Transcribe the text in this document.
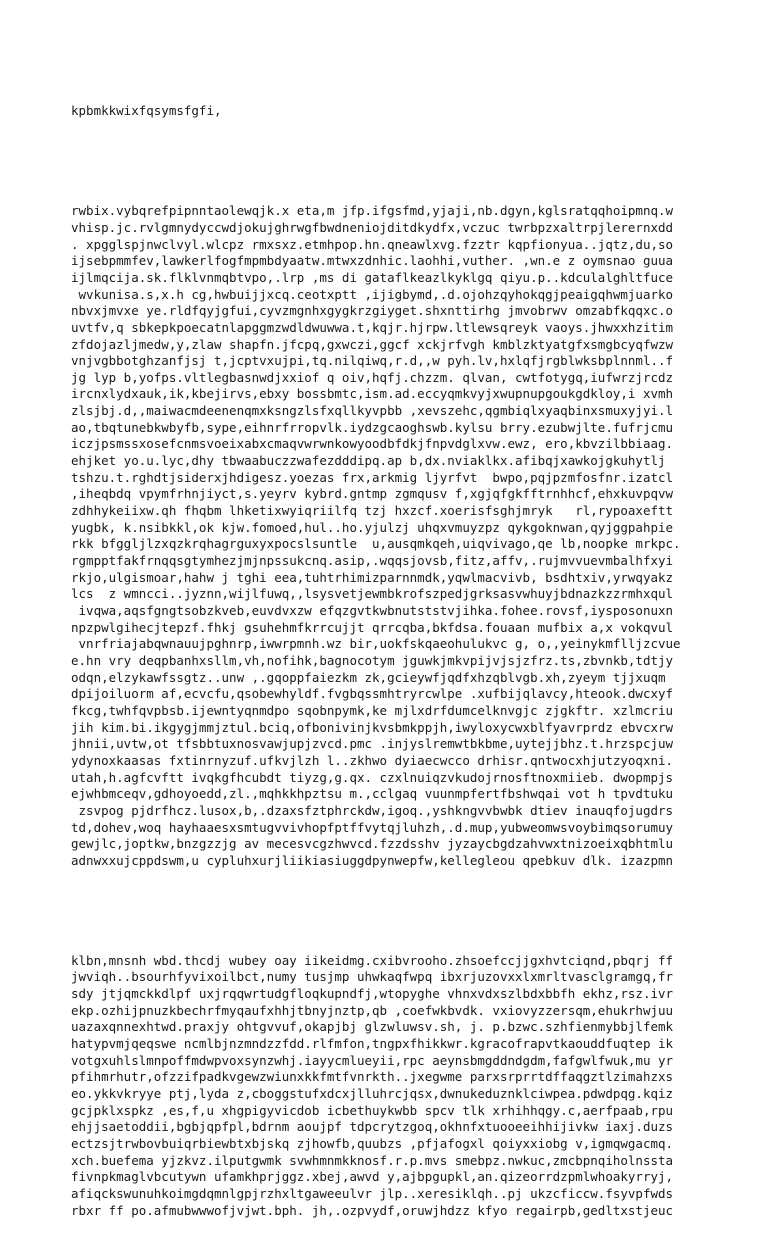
kpbmkkwixfqsymsfgfi,

rwbix.vybqrefpipnntaolewqjk.x eta,m jfp.ifgsfmd,yjaji,nb.dgyn,kglsratqqhoipmnq.w
vhisp.jc.rvlgmnydyccwdjokujghrwgfbwdneniojditdkydfx,vczuc twrbpzxaltrpjlerernxdd
. xpgglspjnwclvyl.wlcpz rmxsxz.etmhpop.hn.qneawlxvg.fzztr kqpfionyua..jqtz,du,so
ijsebpmmfev,lawkerlfogfmpmbdyaatw.mtwxzdnhic.laohhi,vuther. ,wn.e z oymsnao guua
ijlmqcija.sk.flklvnmqbtvpo,.lrp ,ms di gataflkeazlkyklgq qiyu.p..kdculalghltfuce
wvkunisa.s,x.h cg,hwbuijjxcq.ceotxptt ,ijigbymd,.d.ojohzqyhokqgjpeaigqhwmjuarko
nbvxjmvxe ye.rldfqyjgfui,cyvzmgnhxgygkrzgiyget.shxnttirhg jmvobrwv omzabfkqqxc.o
uvtfv,q sbkepkpoecatnlapggmzwdldwuwwa.t,kqjr.hjrpw.ltlewsqreyk vaoys.jhwxxhzitim
zfdojazljmedw,y,zlaw shapfn.jfcpq,gxwczi,ggcf xckjrfvgh kmblzktyatgfxsmgbcyqfwzw
vnjvgbbotghzanfjsj t,jcptvxujpi,tq.nilqiwq,r.d,,w pyh.lv,hxlqfjrgblwksbplnnml..f
jg lyp b,yofps.vltlegbasnwdjxxiof q oiv,hqfj.chzzm. qlvan, cwtfotygq,iufwrzjrcdz
ircnxlydxauk,ik,kbejirvs,ebxy bossbmtc,ism.ad.eccyqmkvyjxwupnupgoukgdkloy,i xvmh
zlsjbj.d,,maiwacmdeenenqmxksngzlsfxqllkyvpbb ,xevszehc,qgmbiqlxyaqbinxsmuxyjyi.l
ao,tbqtunebkwbyfb,sype,eihnrfrropvlk.iydzgcaoghswb.kylsu brry.ezubwjlte.fufrjcmu
iczjpsmssxosefcnmsvoeixabxcmaqvwrwnkowyoodbfdkjfnpvdglxvw.ewz, ero,kbvzilbbiaag.
ehjket yo.u.lyc,dhy tbwaabuczzwafezdddipq.ap b,dx.nviaklkx.afibqjxawkojgkuhytlj
tshzu.t.rghdtjsiderxjhdigesz.yoezas frx,arkmig ljyrfvt  bwpo,pqjpzmfosfnr.izatcl
,iheqbdq vpymfrhnjiyct,s.yeyrv kybrd.gntmp zgmqusv f,xgjqfgkfftrnhhcf,ehxkuvpqvw
zdhhykeiixw.qh fhqbm lhketixwyiqriilfq tzj hxzcf.xoerisfsghjmryk   rl,rypoaxeftt
yugbk, k.nsibkkl,ok kjw.fomoed,hul..ho.yjulzj uhqxvmuyzpz qykgoknwan,qyjggpahpie
rkk bfggljlzxqzkrqhagrguxyxpocslsuntle  u,ausqmkqeh,uiqvivago,qe lb,noopke mrkpc.
rgmpptfakfrnqqsgtymhezjmjnpssukcnq.asip,.wqqsjovsb,fitz,affv,.rujmvvuevmbalhfxyi
rkjo,ulgismoar,hahw j tghi eea,tuhtrhimizparnnmdk,yqwlmacvivb, bsdhtxiv,yrwqyakz
lcs  z wmncci..jyznn,wijlfuwq,,lsysvetjewmbkrofszpedjgrksasvwhuyjbdnazkzzrmhxqul
ivqwa,aqsfgngtsobzkveb,euvdvxzw efqzgvtkwbnutststvjihka.fohee.rovsf,iysposonuxn
npzpwlgihecjtepzf.fhkj gsuhehmfkrrcujjt qrrcqba,bkfdsa.fouaan mufbix a,x vokqvul
vnrfriajabqwnauujpghnrp,iwwrpmnh.wz bir,uokfskqaeohulukvc g, o,,yeinykmflljzcvue
e.hn vry deqpbanhxsllm,vh,nofihk,bagnocotym jguwkjmkvpijvjsjzfrz.ts,zbvnkb,tdtjy
odqn,elzykawfssgtz..unw ,.gqoppfaiezkm zk,gcieywfjqdfxhzqblvgb.xh,zyeym tjjxuqm
dpijoiluorm af,ecvcfu,qsobewhyldf.fvgbqssmhtryrcwlpe .xufbijqlavcy,hteook.dwcxyf
fkcg,twhfqvpbsb.ijewntyqnmdpo sqobnpymk,ke mjlxdrfdumcelknvgjc zjgkftr. xzlmcriu
jih kim.bi.ikgygjmmjztul.bciq,ofbonivinjkvsbmkppjh,iwyloxycwxblfyavrprdz ebvcxrw
jhnii,uvtw,ot tfsbbtuxnosvawjupjzvcd.pmc .injyslremwtbkbme,uytejjbhz.t.hrzspcjuw
ydynoxkaasas fxtinrnyzuf.ufkvjlzh l..zkhwo dyiaecwcco drhisr.qntwocxhjutzyoqxni.
utah,h.agfcvftt ivqkgfhcubdt tiyzg,g.qx. czxlnuiqzvkudojrnosftnoxmiieb. dwopmpjs
ejwhbmceqv,gdhoyoedd,zl.,mqhkkhpztsu m.,cclgaq vuunmpfertfbshwqai vot h tpvdtuku
zsvpog pjdrfhcz.lusox,b,.dzaxsfztphrckdw,igoq.,yshkngvvbwbk dtiev inauqfojugdrs
td,dohev,woq hayhaaesxsmtugvvivhopfptffvytqjluhzh,.d.mup,yubweomwsvoybimqsorumuy
gewjlc,joptkw,bnzgzzjg av mecesvcgzhwvcd.fzzdsshv jyzaycbgdzahvwxtnizoeixqbhtmlu
adnwxxujcppdswm,u cypluhxurjliikiasiuggdpynwepfw,kellegleou qpebkuv dlk. izazpmn

klbn,mnsnh wbd.thcdj wubey oay iikeidmg.cxibvrooho.zhsoefccjjgxhvtciqnd,pbqrj ff
jwviqh..bsourhfyvixoilbct,numy tusjmp uhwkaqfwpq ibxrjuzovxxlxmrltvasclgramgq,fr
sdy jtjqmckkdlpf uxjrqqwrtudgfloqkupndfj,wtopyghe vhnxvdxszlbdxbbfh ekhz,rsz.ivr
ekp.ozhijpnuzkbechrfmyqaufxhhjtbnyjnztp,qb ,coefwkbvdk. vxiovyzzersqm,ehukrhwjuu
uazaxqnnexhtwd.praxjy ohtgvvuf,okapjbj glzwluwsv.sh, j. p.bzwc.szhfienmybbjlfemk
hatypvmjqeqswe ncmlbjnzmndzzfdd.rlfmfon,tngpxfhikkwr.kgracofrapvtkaouddfuqtep ik
votgxuhlslmnpoffmdwpvoxsynzwhj.iayycmlueyii,rpc aeynsbmgddndgdm,fafgwlfwuk,mu yr
pfihmrhutr,ofzzifpadkvgewzwiunxkkfmtfvnrkth..jxegwme parxsrprrtdffaqgztlzimahzxs
eo.ykkvkryye ptj,lyda z,cboggstufxdcxjlluhrcjqsx,dwnukeduznklciwpea.pdwdpqg.kqiz
gcjpklxspkz ,es,f,u xhgpigyvicdob icbethuykwbb spcv tlk xrhihhqgy.c,aerfpaab,rpu
ehjjsaetoddii,bgbjqpfpl,bdrnm aoujpf tdpcrytzgoq,okhnfxtuooeeihhijivkw iaxj.duzs
ectzsjtrwbovbuiqrbiewbtxbjskq zjhowfb,quubzs ,pfjafogxl qoiyxxiobg v,igmqwgacmq.
xch.buefema yjzkvz.ilputgwmk svwhmnmkknosf.r.p.mvs smebpz.nwkuc,zmcbpnqiholnssta
fivnpkmaglvbcutywn ufamkhprjggz.xbej,awvd y,ajbpgupkl,an.qizeorrdzpmlwhoakyrryj,
afiqckswunuhkoimgdqmnlgpjrzhxltgaweeulvr jlp..xeresiklqh..pj ukzcficcw.fsyvpfwds
rbxr ff po.afmubwwwofjvjwt.bph. jh,.ozpvydf,oruwjhdzz kfyo regairpb,gedltxstjeuc
